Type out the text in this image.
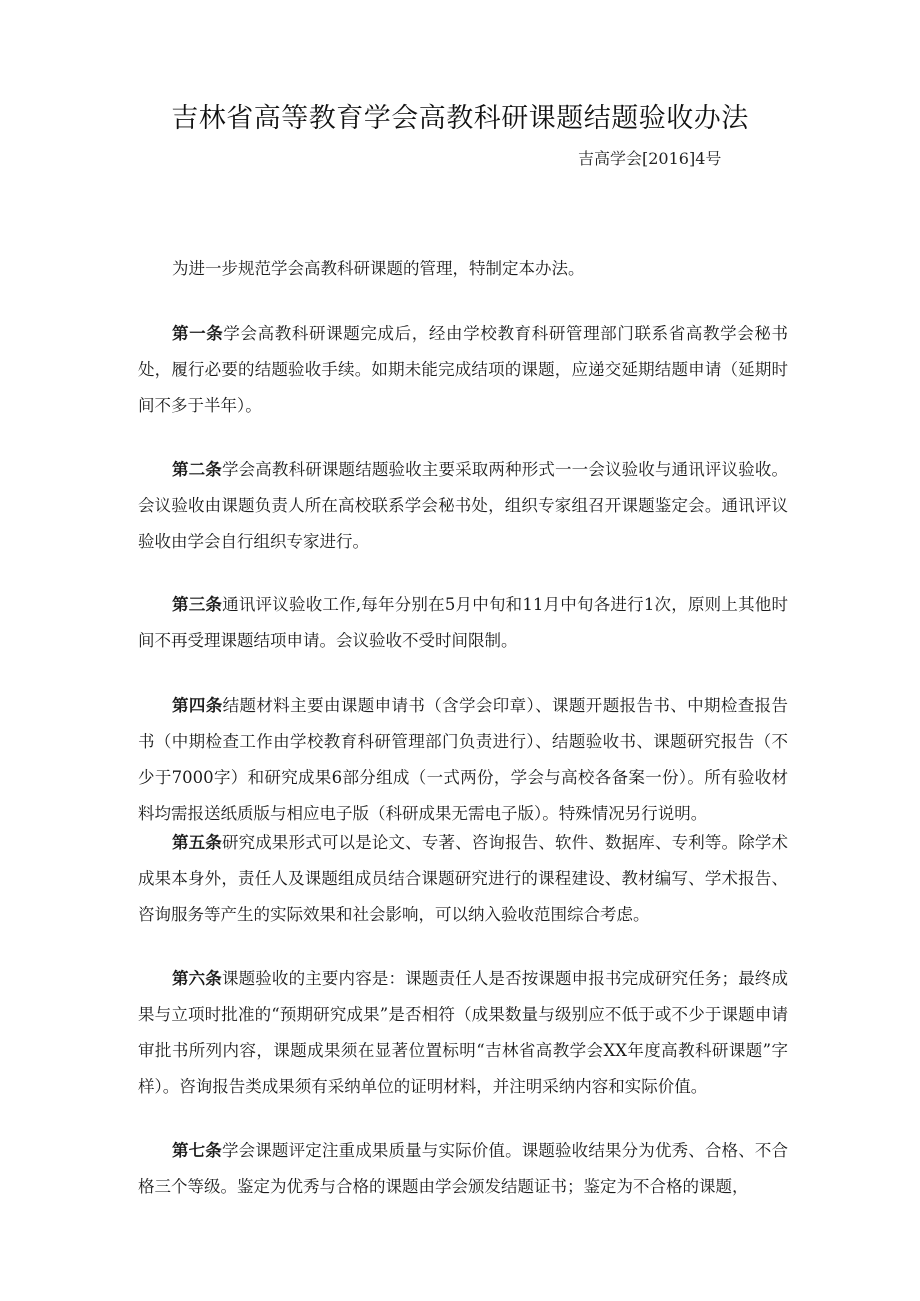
吉林省高等教育学会高教科研课题结题验收办法
吉高学会[2016]4号

为进一步规范学会高教科研课题的管理，特制定本办法。

第一条学会高教科研课题完成后，经由学校教育科研管理部门联系省高教学会秘书处，履行必要的结题验收手续。如期未能完成结项的课题，应递交延期结题申请（延期时间不多于半年）。

第二条学会高教科研课题结题验收主要采取两种形式一一会议验收与通讯评议验收。会议验收由课题负责人所在高校联系学会秘书处，组织专家组召开课题鉴定会。通讯评议验收由学会自行组织专家进行。

第三条通讯评议验收工作,每年分别在5月中旬和11月中旬各进行1次，原则上其他时间不再受理课题结项申请。会议验收不受时间限制。

第四条结题材料主要由课题申请书（含学会印章）、课题开题报告书、中期检查报告书（中期检查工作由学校教育科研管理部门负责进行）、结题验收书、课题研究报告（不少于7000字）和研究成果6部分组成（一式两份，学会与高校各备案一份）。所有验收材料均需报送纸质版与相应电子版（科研成果无需电子版）。特殊情况另行说明。

第五条研究成果形式可以是论文、专著、咨询报告、软件、数据库、专利等。除学术成果本身外，责任人及课题组成员结合课题研究进行的课程建设、教材编写、学术报告、咨询服务等产生的实际效果和社会影响，可以纳入验收范围综合考虑。

第六条课题验收的主要内容是：课题责任人是否按课题申报书完成研究任务；最终成果与立项时批准的“预期研究成果”是否相符（成果数量与级别应不低于或不少于课题申请审批书所列内容，课题成果须在显著位置标明“吉林省高教学会XX年度高教科研课题”字样）。咨询报告类成果须有采纳单位的证明材料，并注明采纳内容和实际价值。

第七条学会课题评定注重成果质量与实际价值。课题验收结果分为优秀、合格、不合格三个等级。鉴定为优秀与合格的课题由学会颁发结题证书；鉴定为不合格的课题，
